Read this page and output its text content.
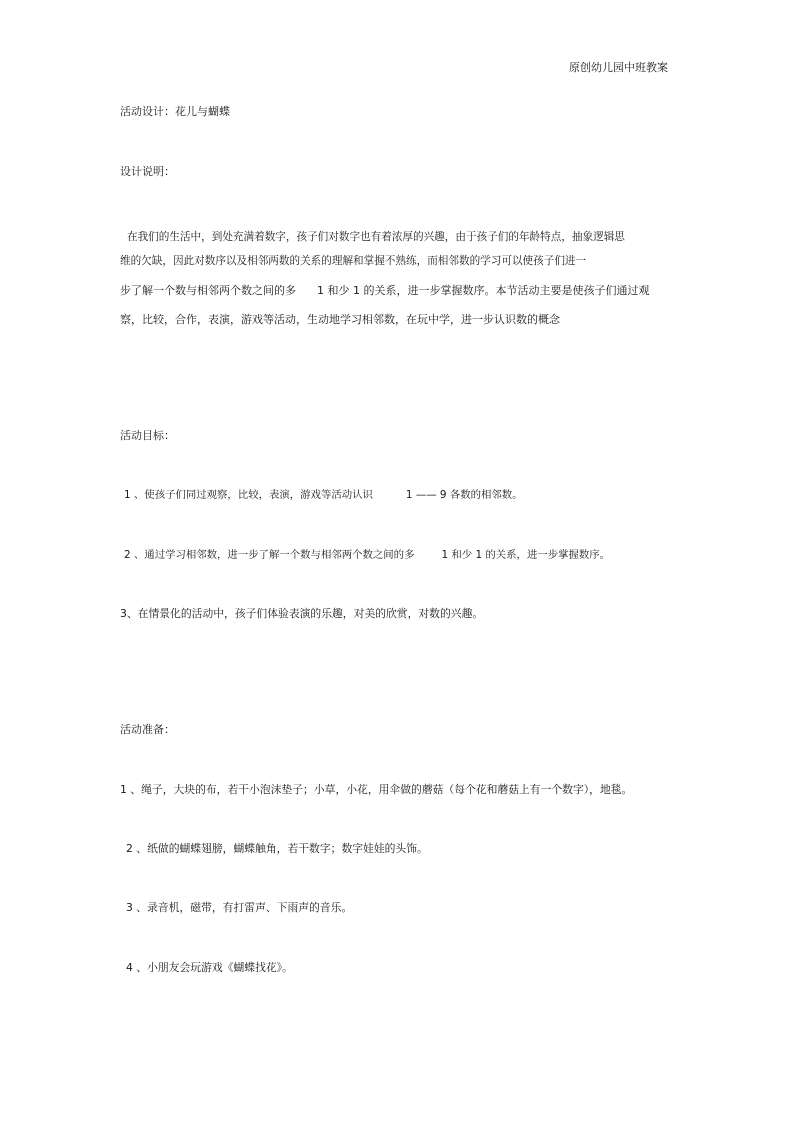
原创幼儿园中班教案
活动设计：花儿与蝴蝶
设计说明：
在我们的生活中，到处充满着数字，孩子们对数字也有着浓厚的兴趣，由于孩子们的年龄特点，抽象逻辑思
维的欠缺，因此对数序以及相邻两数的关系的理解和掌握不熟练，而相邻数的学习可以使孩子们进一
步了解一个数与相邻两个数之间的多 1 和少 1 的关系，进一步掌握数序。本节活动主要是使孩子们通过观
察，比较，合作，表演，游戏等活动，生动地学习相邻数，在玩中学，进一步认识数的概念
活动目标：
1 、使孩子们同过观察，比较，表演，游戏等活动认识	1 —— 9 各数的相邻数。
2 、通过学习相邻数，进一步了解一个数与相邻两个数之间的多	1 和少 1 的关系，进一步掌握数序。
3、在情景化的活动中，孩子们体验表演的乐趣，对美的欣赏，对数的兴趣。
活动准备：
1 、绳子，大块的布，若干小泡沫垫子；小草，小花，用伞做的蘑菇（每个花和蘑菇上有一个数字），地毯。
2 、纸做的蝴蝶翅膀，蝴蝶触角，若干数字；数字娃娃的头饰。
3 、录音机，磁带，有打雷声、下雨声的音乐。
4 、小朋友会玩游戏《蝴蝶找花》。
